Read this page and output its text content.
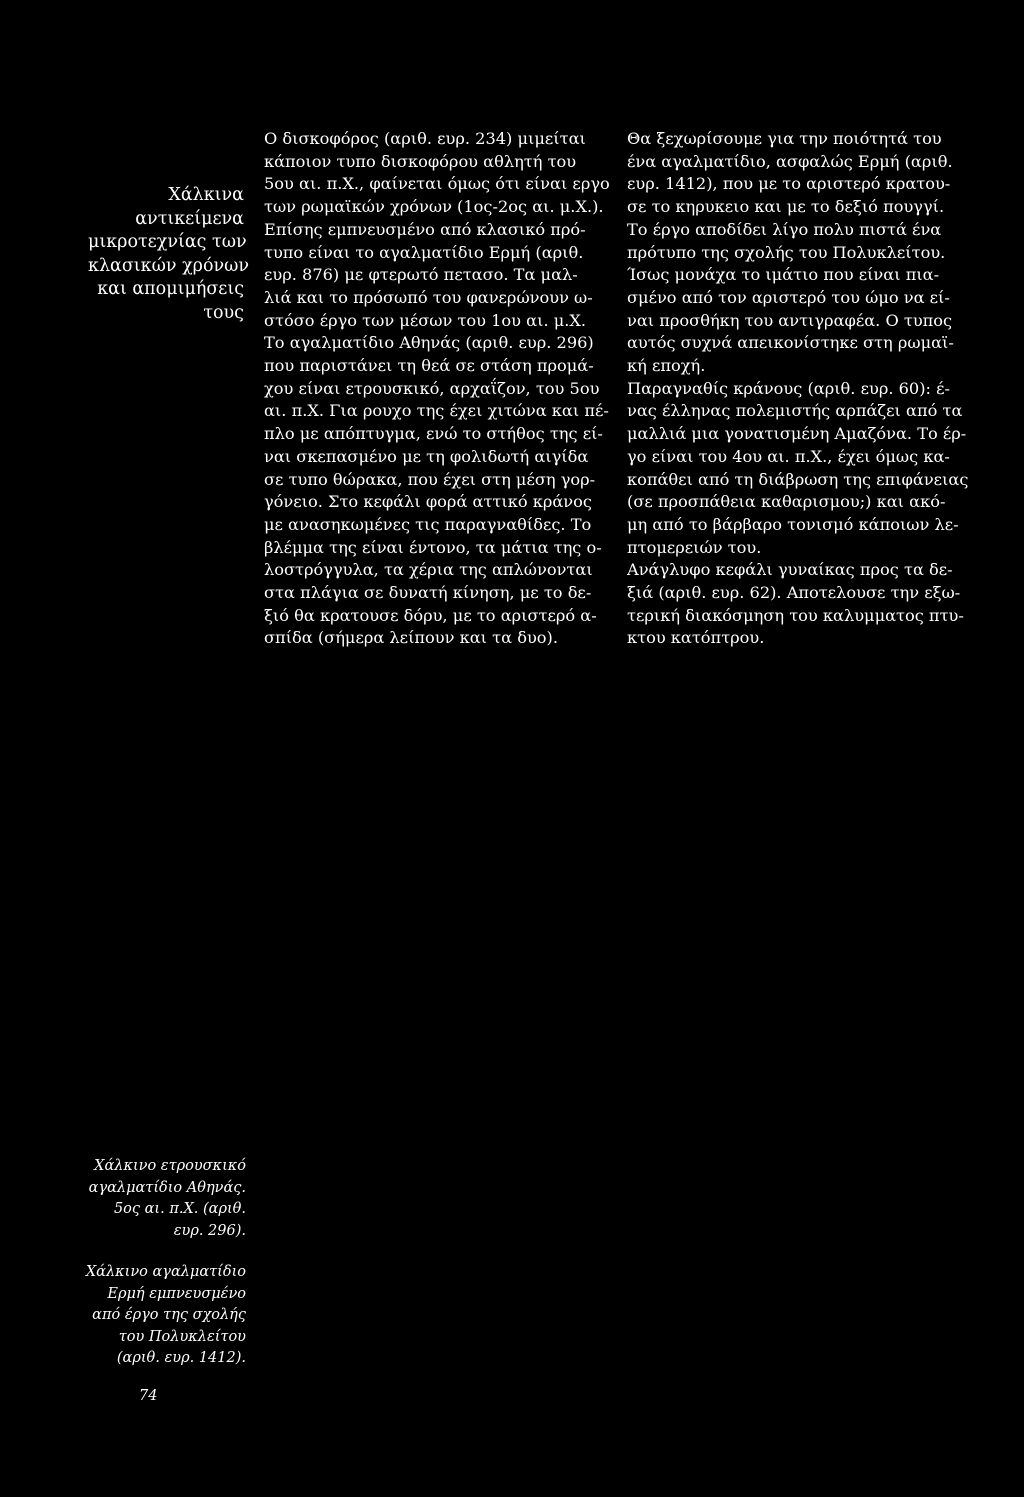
Χάλκινα
αντικείμενα
μικροτεχνίας των
κλασικών χρόνων
και απομιμήσεις
τους
Ο δισκοφόρος (αριθ. ευρ. 234) μιμείται
κάποιον τυπο δισκοφόρου αθλητή του
5ου αι. π.Χ., φαίνεται όμως ότι είναι εργο
των ρωμαϊκών χρόνων (1ος-2ος αι. μ.Χ.).
Επίσης εμπνευσμένο από κλασικό πρό-
τυπο είναι το αγαλματίδιο Ερμή (αριθ.
ευρ. 876) με φτερωτό πετασο. Τα μαλ-
λιά και το πρόσωπό του φανερώνουν ω-
στόσο έργο των μέσων του 1ου αι. μ.Χ.
Το αγαλματίδιο Αθηνάς (αριθ. ευρ. 296)
που παριστάνει τη θεά σε στάση προμά-
χου είναι ετρουσκικό, αρχαΐζον, του 5ου
αι. π.Χ. Για ρουχο της έχει χιτώνα και πέ-
πλο με απόπτυγμα, ενώ το στήθος της εί-
ναι σκεπασμένο με τη φολιδωτή αιγίδα
σε τυπο θώρακα, που έχει στη μέση γορ-
γόνειο. Στο κεφάλι φορά αττικό κράνος
με ανασηκωμένες τις παραγναθίδες. Το
βλέμμα της είναι έντονο, τα μάτια της ο-
λοστρόγγυλα, τα χέρια της απλώνονται
στα πλάγια σε δυνατή κίνηση, με το δε-
ξιό θα κρατουσε δόρυ, με το αριστερό α-
σπίδα (σήμερα λείπουν και τα δυο).
Θα ξεχωρίσουμε για την ποιότητά του
ένα αγαλματίδιο, ασφαλώς Ερμή (αριθ.
ευρ. 1412), που με το αριστερό κρατου-
σε το κηρυκειο και με το δεξιό πουγγί.
Το έργο αποδίδει λίγο πολυ πιστά ένα
πρότυπο της σχολής του Πολυκλείτου.
Ίσως μονάχα το ιμάτιο που είναι πια-
σμένο από τον αριστερό του ώμο να εί-
ναι προσθήκη του αντιγραφέα. Ο τυπος
αυτός συχνά απεικονίστηκε στη ρωμαϊ-
κή εποχή.
Παραγναθίς κράνους (αριθ. ευρ. 60): έ-
νας έλληνας πολεμιστής αρπάζει από τα
μαλλιά μια γονατισμένη Αμαζόνα. Το έρ-
γο είναι του 4ου αι. π.Χ., έχει όμως κα-
κοπάθει από τη διάβρωση της επιφάνειας
(σε προσπάθεια καθαρισμου;) και ακό-
μη από το βάρβαρο τονισμό κάποιων λε-
πτομερειών του.
Ανάγλυφο κεφάλι γυναίκας προς τα δε-
ξιά (αριθ. ευρ. 62). Αποτελουσε την εξω-
τερική διακόσμηση του καλυμματος πτυ-
κτου κατόπτρου.
Χάλκινο ετρουσκικό
αγαλματίδιο Αθηνάς.
5ος αι. π.Χ. (αριθ.
ευρ. 296).
Χάλκινο αγαλματίδιο
Ερμή εμπνευσμένο
από έργο της σχολής
του Πολυκλείτου
(αριθ. ευρ. 1412).
74
